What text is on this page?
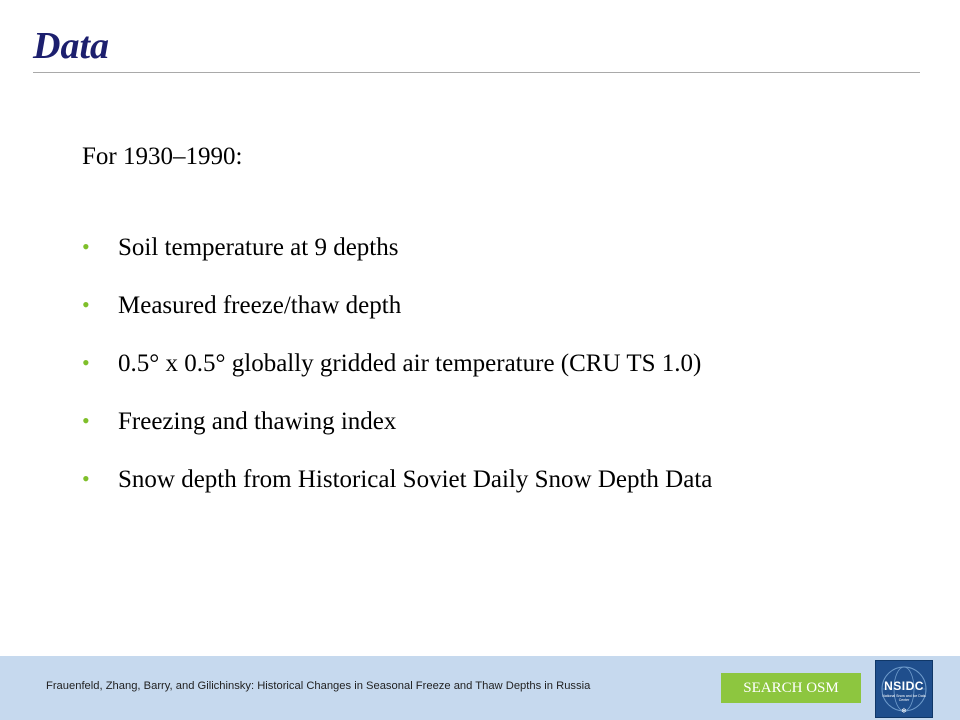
Data
For 1930–1990:
• Soil temperature at 9 depths
• Measured freeze/thaw depth
• 0.5° x 0.5° globally gridded air temperature (CRU TS 1.0)
• Freezing and thawing index
• Snow depth from Historical Soviet Daily Snow Depth Data
Frauenfeld, Zhang, Barry, and Gilichinsky: Historical Changes in Seasonal Freeze and Thaw Depths in Russia	SEARCH OSM
❄
NSIDC
National Snow and Ice Data Center
